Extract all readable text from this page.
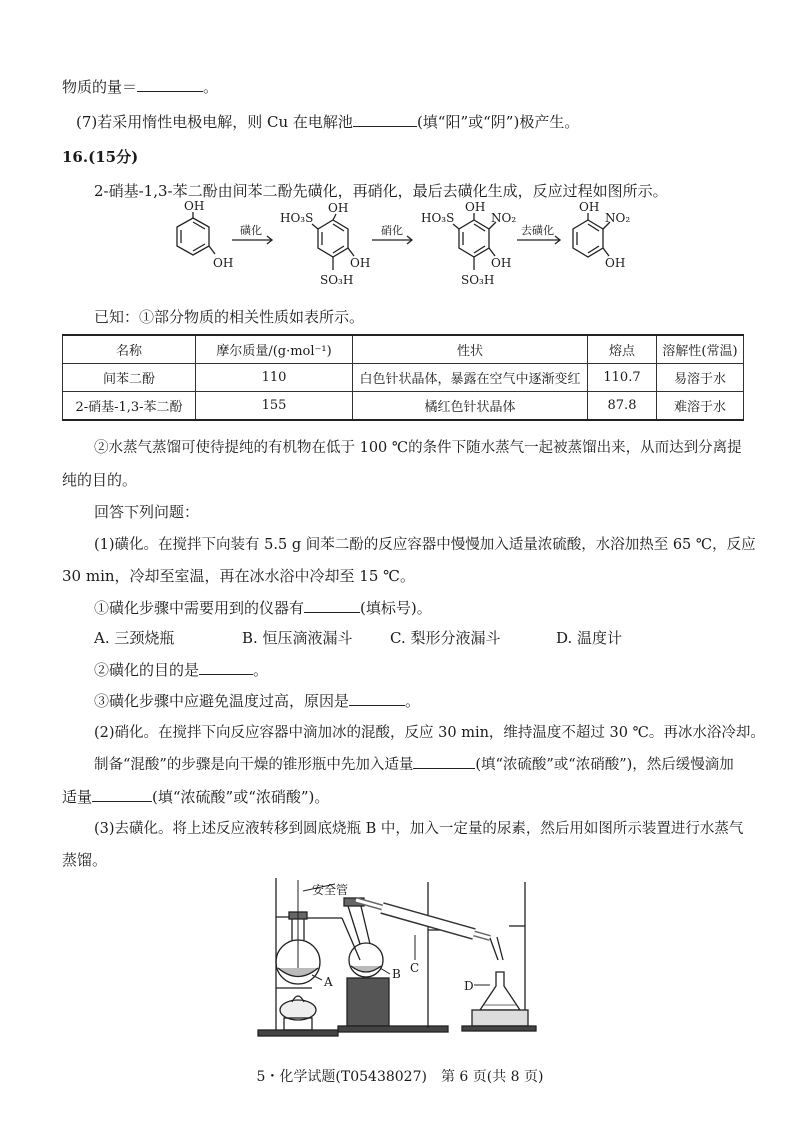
物质的量＝	。
(7)若采用惰性电极电解，则 Cu 在电解池	(填“阳”或“阴”)极产生。
16.(15分)
2-硝基-1,3-苯二酚由间苯二酚先磺化，再硝化，最后去磺化生成，反应过程如图所示。
OH
OH
磺化
HO₃S
OH
OH
SO₃H
硝化
HO₃S
OH
NO₂
OH
SO₃H
去磺化
OH
NO₂
OH
已知：①部分物质的相关性质如表所示。
名称	摩尔质量/(g·mol⁻¹)	性状	熔点	溶解性(常温)
间苯二酚	110	白色针状晶体，暴露在空气中逐渐变红	110.7	易溶于水
2-硝基-1,3-苯二酚	155	橘红色针状晶体	87.8	难溶于水
②水蒸气蒸馏可使待提纯的有机物在低于 100 ℃的条件下随水蒸气一起被蒸馏出来，从而达到分离提
纯的目的。
回答下列问题：
(1)磺化。在搅拌下向装有 5.5 g 间苯二酚的反应容器中慢慢加入适量浓硫酸，水浴加热至 65 ℃，反应
30 min，冷却至室温，再在冰水浴中冷却至 15 ℃。
①磺化步骤中需要用到的仪器有	(填标号)。
A. 三颈烧瓶	B. 恒压滴液漏斗 C. 梨形分液漏斗	D. 温度计
②磺化的目的是	。
③磺化步骤中应避免温度过高，原因是	。
(2)硝化。在搅拌下向反应容器中滴加冰的混酸，反应 30 min，维持温度不超过 30 ℃。再冰水浴冷却。
制备“混酸”的步骤是向干燥的锥形瓶中先加入适量	(填“浓硫酸”或“浓硝酸”)，然后缓慢滴加
适量	(填“浓硫酸”或“浓硝酸”)。
(3)去磺化。将上述反应液转移到圆底烧瓶 B 中，加入一定量的尿素，然后用如图所示装置进行水蒸气
蒸馏。
安全管
A
B C
D
5・化学试题(T05438027)　第 6 页(共 8 页)
